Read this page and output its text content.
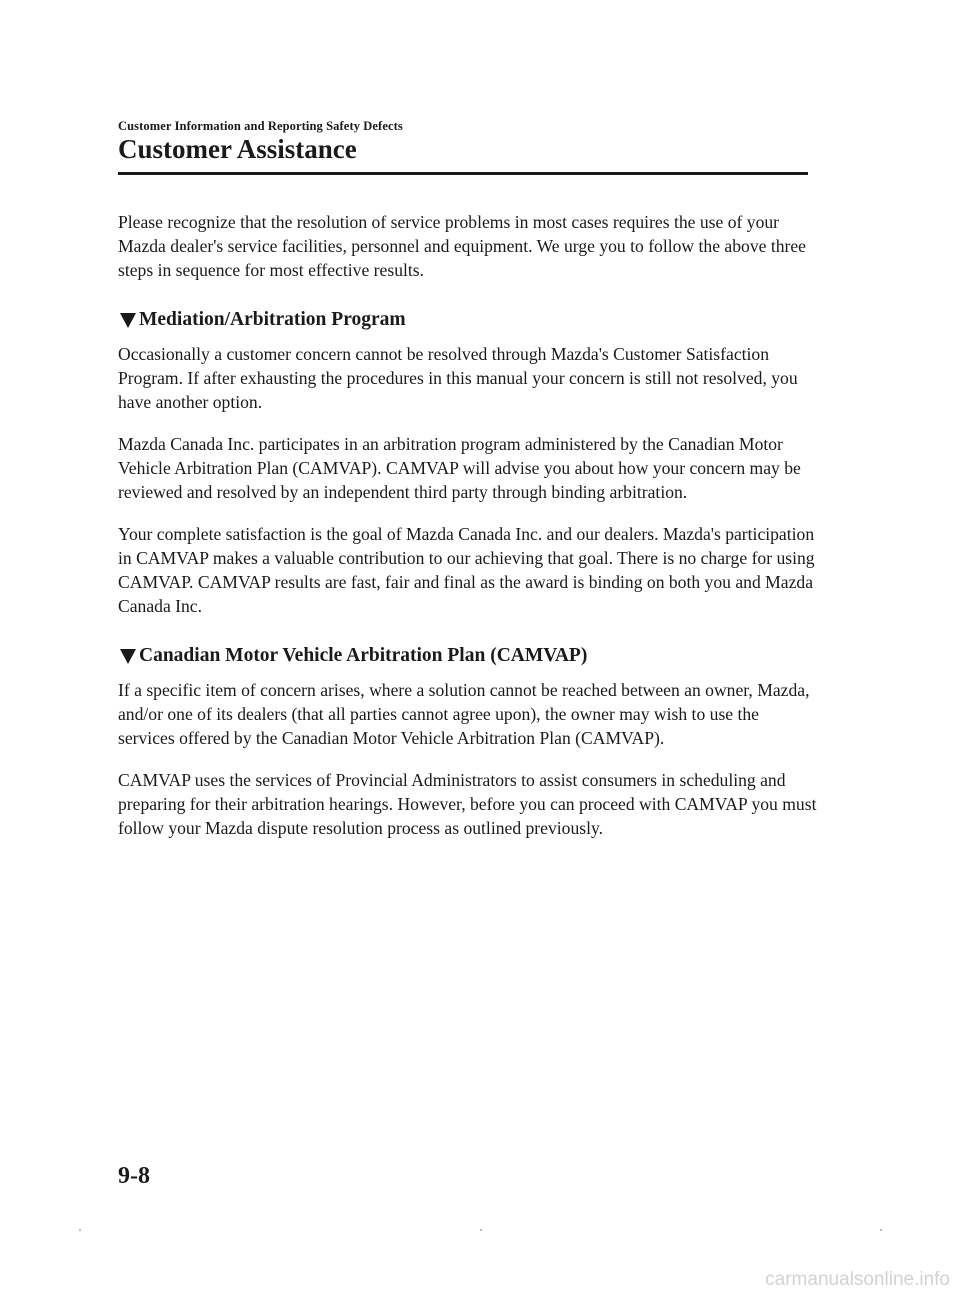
Customer Information and Reporting Safety Defects
Customer Assistance

Please recognize that the resolution of service problems in most cases requires the use of your Mazda dealer's service facilities, personnel and equipment. We urge you to follow the above three steps in sequence for most effective results.

Mediation/Arbitration Program

Occasionally a customer concern cannot be resolved through Mazda's Customer Satisfaction Program. If after exhausting the procedures in this manual your concern is still not resolved, you have another option.

Mazda Canada Inc. participates in an arbitration program administered by the Canadian Motor Vehicle Arbitration Plan (CAMVAP). CAMVAP will advise you about how your concern may be reviewed and resolved by an independent third party through binding arbitration.

Your complete satisfaction is the goal of Mazda Canada Inc. and our dealers. Mazda's participation in CAMVAP makes a valuable contribution to our achieving that goal. There is no charge for using CAMVAP. CAMVAP results are fast, fair and final as the award is binding on both you and Mazda Canada Inc.

Canadian Motor Vehicle Arbitration Plan (CAMVAP)

If a specific item of concern arises, where a solution cannot be reached between an owner, Mazda, and/or one of its dealers (that all parties cannot agree upon), the owner may wish to use the services offered by the Canadian Motor Vehicle Arbitration Plan (CAMVAP).

CAMVAP uses the services of Provincial Administrators to assist consumers in scheduling and preparing for their arbitration hearings. However, before you can proceed with CAMVAP you must follow your Mazda dispute resolution process as outlined previously.

9-8
carmanualsonline.info
